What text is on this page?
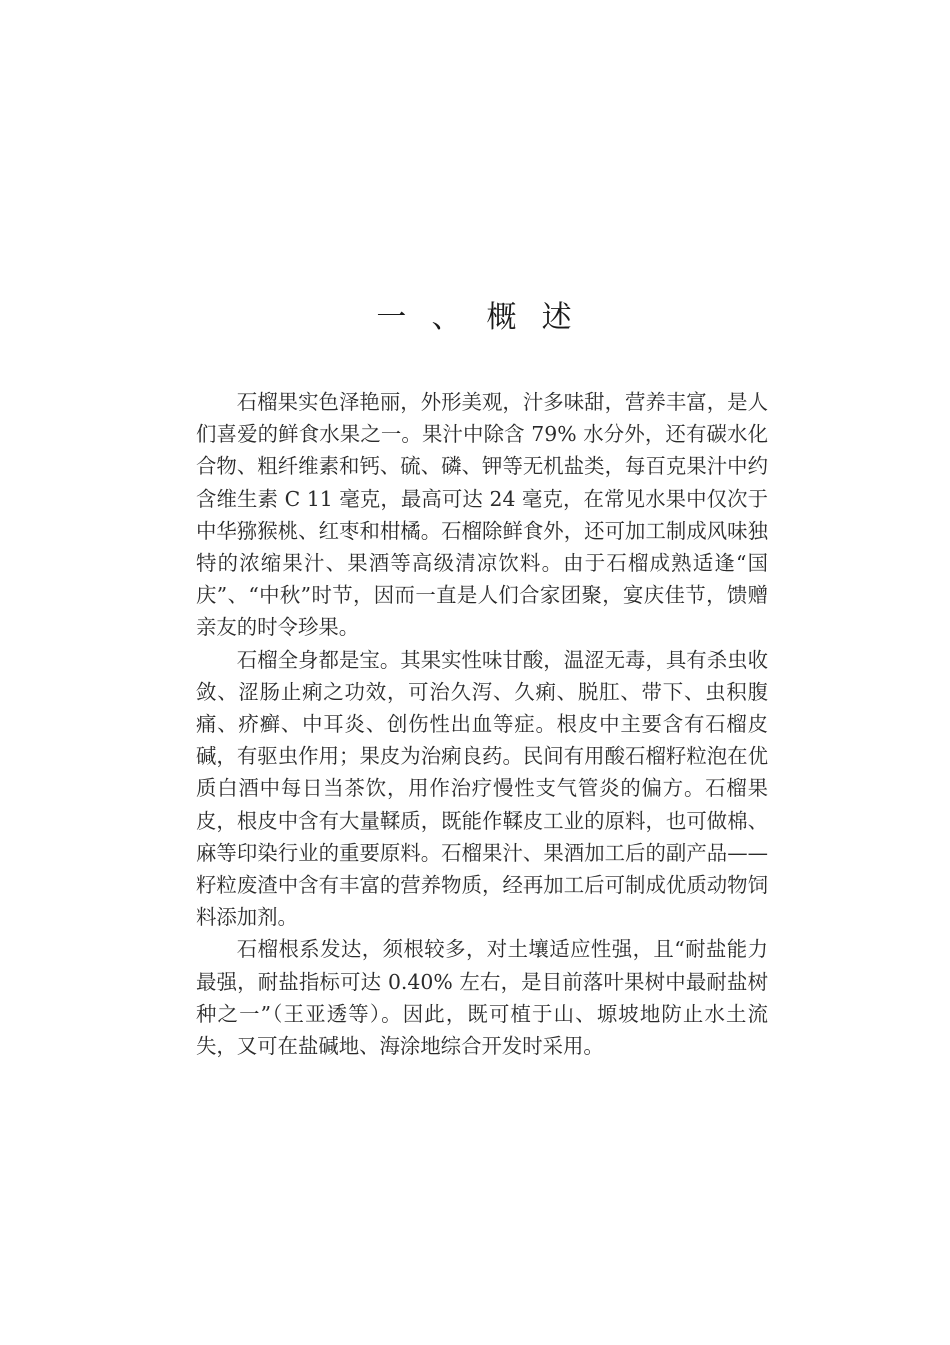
一  、  概  述

石榴果实色泽艳丽，外形美观，汁多味甜，营养丰富，是人们喜爱的鲜食水果之一。果汁中除含 79% 水分外，还有碳水化合物、粗纤维素和钙、硫、磷、钾等无机盐类，每百克果汁中约含维生素 C 11 毫克，最高可达 24 毫克，在常见水果中仅次于中华猕猴桃、红枣和柑橘。石榴除鲜食外，还可加工制成风味独特的浓缩果汁、果酒等高级清凉饮料。由于石榴成熟适逢“国庆”、“中秋”时节，因而一直是人们合家团聚，宴庆佳节，馈赠亲友的时令珍果。

石榴全身都是宝。其果实性味甘酸，温涩无毒，具有杀虫收敛、涩肠止痢之功效，可治久泻、久痢、脱肛、带下、虫积腹痛、疥癣、中耳炎、创伤性出血等症。根皮中主要含有石榴皮碱，有驱虫作用；果皮为治痢良药。民间有用酸石榴籽粒泡在优质白酒中每日当茶饮，用作治疗慢性支气管炎的偏方。石榴果皮，根皮中含有大量鞣质，既能作鞣皮工业的原料，也可做棉、麻等印染行业的重要原料。石榴果汁、果酒加工后的副产品——籽粒废渣中含有丰富的营养物质，经再加工后可制成优质动物饲料添加剂。

石榴根系发达，须根较多，对土壤适应性强，且“耐盐能力最强，耐盐指标可达 0.40% 左右，是目前落叶果树中最耐盐树种之一”（王亚透等）。因此，既可植于山、塬坡地防止水土流失，又可在盐碱地、海涂地综合开发时采用。
